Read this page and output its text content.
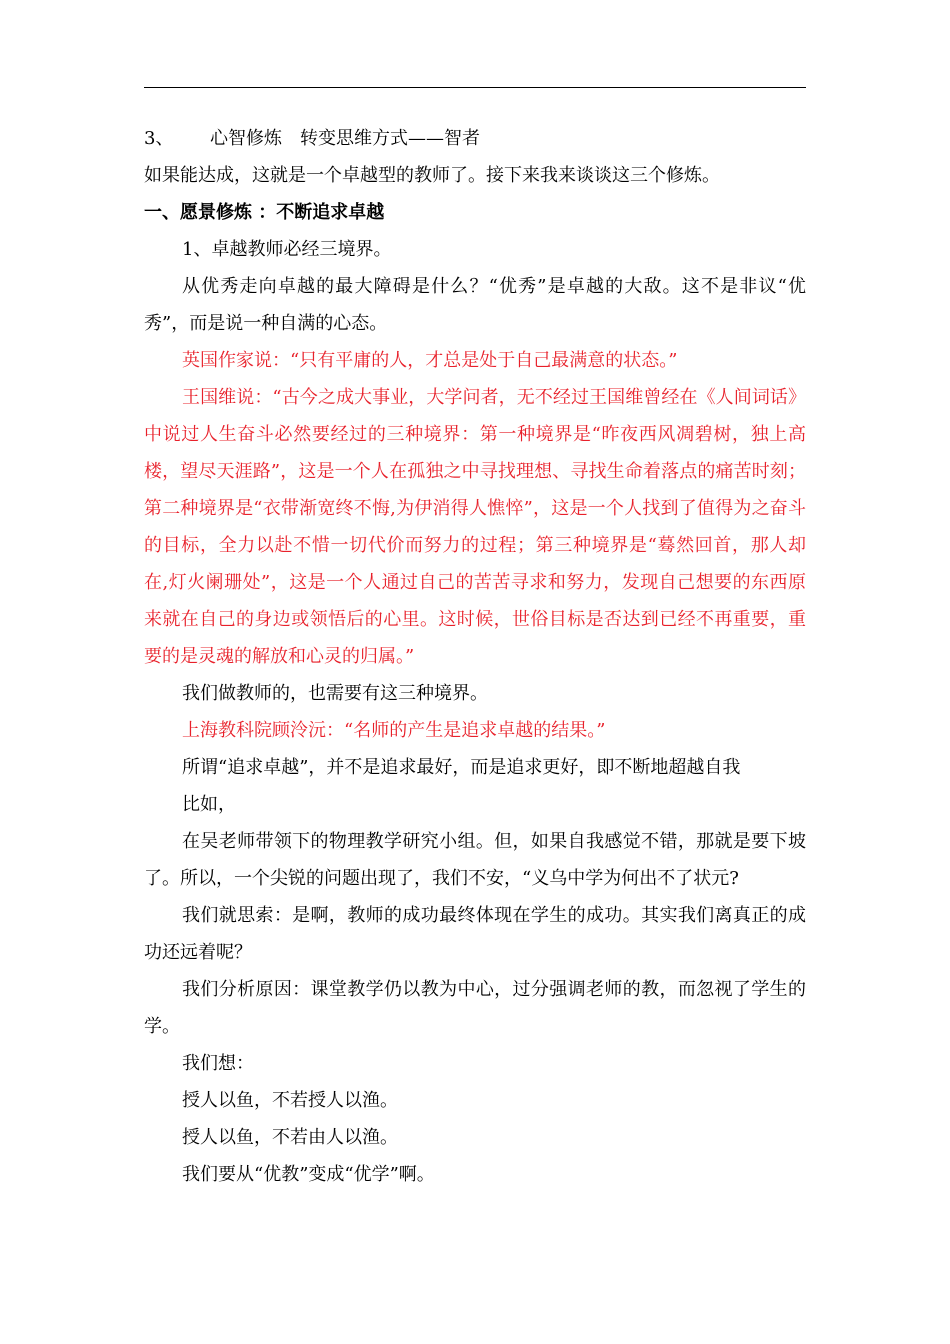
3、 心智修炼 转变思维方式——智者

如果能达成，这就是一个卓越型的教师了。接下来我来谈谈这三个修炼。

一、愿景修炼 ：不断追求卓越

1、卓越教师必经三境界。

从优秀走向卓越的最大障碍是什么？“优秀”是卓越的大敌。这不是非议“优秀”，而是说一种自满的心态。

英国作家说：“只有平庸的人，才总是处于自己最满意的状态。”

王国维说：“古今之成大事业，大学问者，无不经过王国维曾经在《人间词话》中说过人生奋斗必然要经过的三种境界：第一种境界是“昨夜西风凋碧树，独上高楼，望尽天涯路”，这是一个人在孤独之中寻找理想、寻找生命着落点的痛苦时刻；第二种境界是“衣带渐宽终不悔,为伊消得人憔悴”，这是一个人找到了值得为之奋斗的目标，全力以赴不惜一切代价而努力的过程；第三种境界是“蓦然回首，那人却在,灯火阑珊处”，这是一个人通过自己的苦苦寻求和努力，发现自己想要的东西原来就在自己的身边或领悟后的心里。这时候，世俗目标是否达到已经不再重要，重要的是灵魂的解放和心灵的归属。”

我们做教师的，也需要有这三种境界。

上海教科院顾泠沅：“名师的产生是追求卓越的结果。”

所谓“追求卓越”，并不是追求最好，而是追求更好，即不断地超越自我

比如，

在吴老师带领下的物理教学研究小组。但，如果自我感觉不错，那就是要下坡了。所以，一个尖锐的问题出现了，我们不安，“义乌中学为何出不了状元?

我们就思索：是啊，教师的成功最终体现在学生的成功。其实我们离真正的成功还远着呢？

我们分析原因：课堂教学仍以教为中心，过分强调老师的教，而忽视了学生的学。

我们想：

授人以鱼，不若授人以渔。

授人以鱼，不若由人以渔。

我们要从“优教”变成“优学”啊。
